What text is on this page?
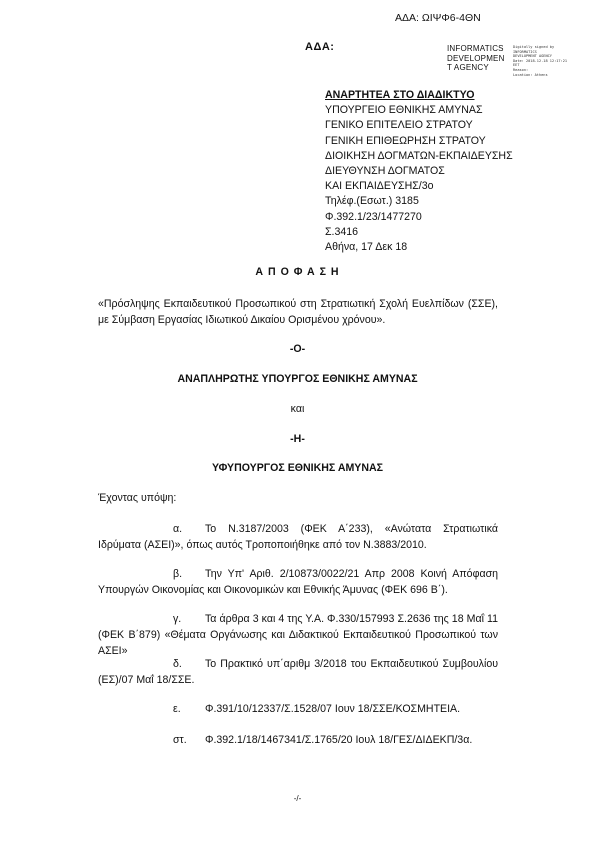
ΑΔΑ: ΩΙΨΦ6-4ΘΝ
ΑΔΑ:	INFORMATICS
DEVELOPMEN
T AGENCY
Digitally signed by
INFORMATICS
DEVELOPMENT AGENCY
Date: 2018.12.18 12:17:21
EET
Reason:
Location: Athens
ΑΝΑΡΤΗΤΕΑ ΣΤΟ ΔΙΑΔΙΚΤΥΟ
ΥΠΟΥΡΓΕΙΟ ΕΘΝΙΚΗΣ ΑΜΥΝΑΣ
ΓΕΝΙΚΟ ΕΠΙΤΕΛΕΙΟ ΣΤΡΑΤΟΥ
ΓΕΝΙΚΗ ΕΠΙΘΕΩΡΗΣΗ ΣΤΡΑΤΟΥ
ΔΙΟΙΚΗΣΗ ΔΟΓΜΑΤΩΝ-ΕΚΠΑΙΔΕΥΣΗΣ
ΔΙΕΥΘΥΝΣΗ ΔΟΓΜΑΤΟΣ
ΚΑΙ ΕΚΠΑΙΔΕΥΣΗΣ/3ο
Τηλέφ.(Εσωτ.) 3185
Φ.392.1/23/1477270
Σ.3416
Αθήνα, 17 Δεκ 18
Α Π Ο Φ Α Σ Η
«Πρόσληψης Εκπαιδευτικού Προσωπικού στη Στρατιωτική Σχολή Ευελπίδων (ΣΣΕ), με Σύμβαση Εργασίας Ιδιωτικού Δικαίου Ορισμένου χρόνου».
-Ο-
ΑΝΑΠΛΗΡΩΤΗΣ ΥΠΟΥΡΓΟΣ ΕΘΝΙΚΗΣ ΑΜΥΝΑΣ
και
-Η-
ΥΦΥΠΟΥΡΓΟΣ ΕΘΝΙΚΗΣ ΑΜΥΝΑΣ
Έχοντας υπόψη:
α. Το Ν.3187/2003 (ΦΕΚ Α΄233), «Ανώτατα Στρατιωτικά Ιδρύματα (ΑΣΕΙ)», όπως αυτός Τροποποιήθηκε από τον Ν.3883/2010.
β. Την Υπ' Αριθ. 2/10873/0022/21 Απρ 2008 Κοινή Απόφαση Υπουργών Οικονομίας και Οικονομικών και Εθνικής Άμυνας (ΦΕΚ 696 Β΄).
γ. Τα άρθρα 3 και 4 της Υ.Α. Φ.330/157993 Σ.2636 της 18 Μαΐ 11 (ΦΕΚ Β΄879) «Θέματα Οργάνωσης και Διδακτικού Εκπαιδευτικού Προσωπικού των ΑΣΕΙ»
δ. Το Πρακτικό υπ΄αριθμ 3/2018 του Εκπαιδευτικού Συμβουλίου (ΕΣ)/07 Μαΐ 18/ΣΣΕ.
ε. Φ.391/10/12337/Σ.1528/07 Ιουν 18/ΣΣΕ/ΚΟΣΜΗΤΕΙΑ.
στ. Φ.392.1/18/1467341/Σ.1765/20 Ιουλ 18/ΓΕΣ/ΔΙΔΕΚΠ/3α.
-/-
